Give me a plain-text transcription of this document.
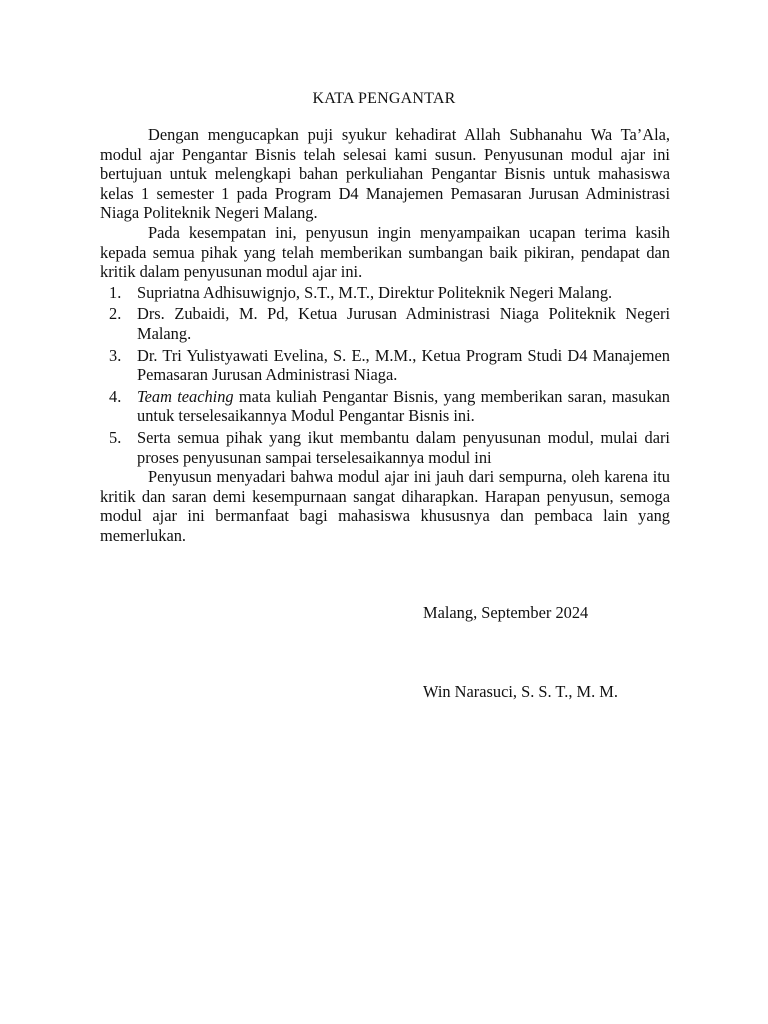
KATA PENGANTAR

Dengan mengucapkan puji syukur kehadirat Allah Subhanahu Wa Ta’Ala, modul ajar Pengantar Bisnis telah selesai kami susun. Penyusunan modul ajar ini bertujuan untuk melengkapi bahan perkuliahan Pengantar Bisnis untuk mahasiswa kelas 1 semester 1 pada Program D4 Manajemen Pemasaran Jurusan Administrasi Niaga Politeknik Negeri Malang.

Pada kesempatan ini, penyusun ingin menyampaikan ucapan terima kasih kepada semua pihak yang telah memberikan sumbangan baik pikiran, pendapat dan kritik dalam penyusunan modul ajar ini.

1. Supriatna Adhisuwignjo, S.T., M.T., Direktur Politeknik Negeri Malang.
2. Drs. Zubaidi, M. Pd, Ketua Jurusan Administrasi Niaga Politeknik Negeri Malang.
3. Dr. Tri Yulistyawati Evelina, S. E., M.M., Ketua Program Studi D4 Manajemen Pemasaran Jurusan Administrasi Niaga.
4. Team teaching mata kuliah Pengantar Bisnis, yang memberikan saran, masukan untuk terselesaikannya Modul Pengantar Bisnis ini.
5. Serta semua pihak yang ikut membantu dalam penyusunan modul, mulai dari proses penyusunan sampai terselesaikannya modul ini

Penyusun menyadari bahwa modul ajar ini jauh dari sempurna, oleh karena itu kritik dan saran demi kesempurnaan sangat diharapkan. Harapan penyusun, semoga modul ajar ini bermanfaat bagi mahasiswa khususnya dan pembaca lain yang memerlukan.

Malang, September 2024
Win Narasuci, S. S. T., M. M.
